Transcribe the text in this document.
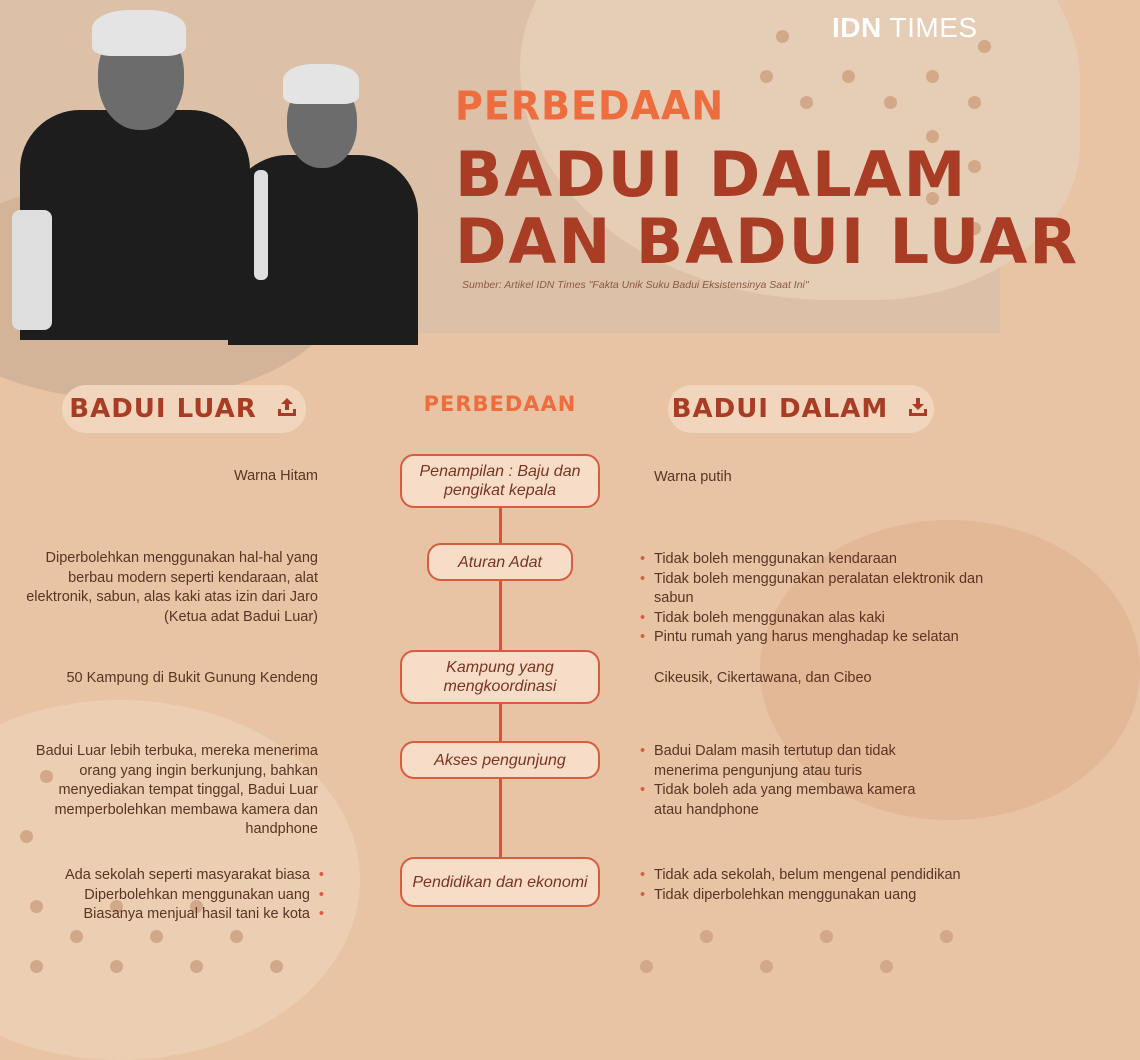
IDN TIMES
PERBEDAAN
BADUI DALAM
DAN BADUI LUAR
Sumber: Artikel IDN Times "Fakta Unik Suku Badui Eksistensinya Saat Ini"
BADUI LUAR	PERBEDAAN	BADUI DALAM
Penampilan : Baju dan pengikat kepala
Aturan Adat
Kampung yang mengkoordinasi
Akses pengunjung
Pendidikan dan ekonomi
Warna Hitam
Diperbolehkan menggunakan hal-hal yang berbau modern seperti kendaraan, alat elektronik, sabun, alas kaki atas izin dari Jaro (Ketua adat Badui Luar)
50 Kampung di Bukit Gunung Kendeng
Badui Luar lebih terbuka, mereka menerima orang yang ingin berkunjung, bahkan menyediakan tempat tinggal, Badui Luar memperbolehkan membawa kamera dan handphone
Ada sekolah seperti masyarakat biasa •
Diperbolehkan menggunakan uang •
Biasanya menjual hasil tani ke kota •
Warna putih
• Tidak boleh menggunakan kendaraan
• Tidak boleh menggunakan peralatan elektronik dan sabun
• Tidak boleh menggunakan alas kaki
• Pintu rumah yang harus menghadap ke selatan
Cikeusik, Cikertawana, dan Cibeo
• Badui Dalam masih tertutup dan tidak menerima pengunjung atau turis
• Tidak boleh ada yang membawa kamera atau handphone
• Tidak ada sekolah, belum mengenal pendidikan
• Tidak diperbolehkan menggunakan uang
